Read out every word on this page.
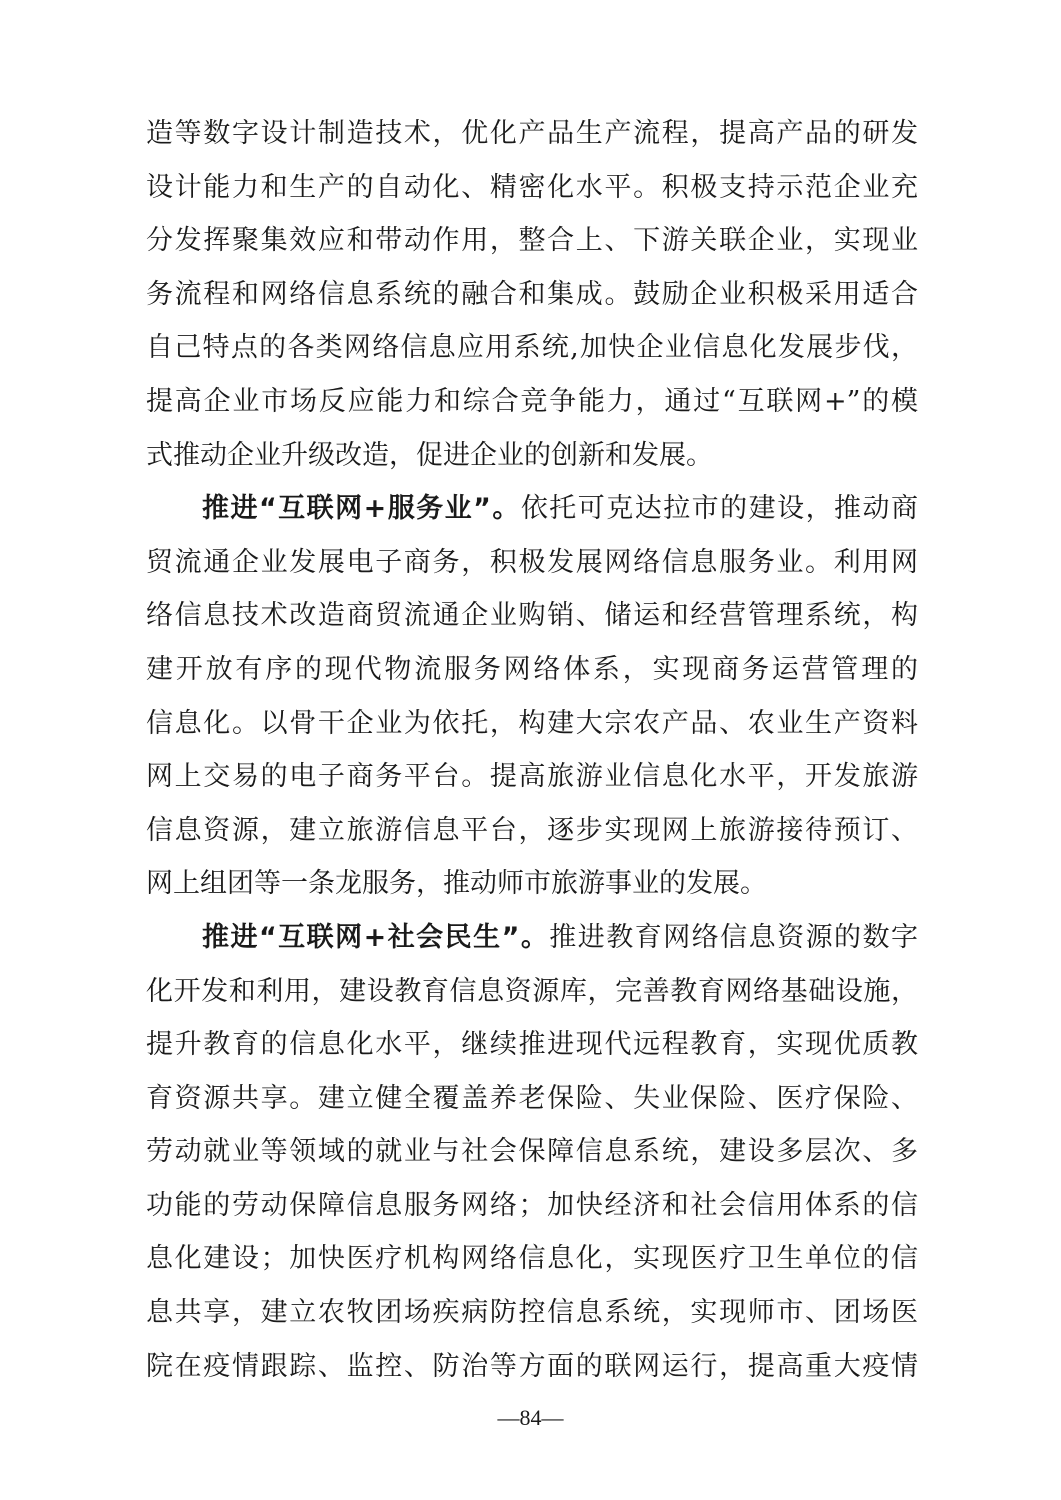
造等数字设计制造技术，优化产品生产流程，提高产品的研发
设计能力和生产的自动化、精密化水平。积极支持示范企业充
分发挥聚集效应和带动作用，整合上、下游关联企业，实现业
务流程和网络信息系统的融合和集成。鼓励企业积极采用适合
自己特点的各类网络信息应用系统,加快企业信息化发展步伐，
提高企业市场反应能力和综合竞争能力，通过“互联网+”的模
式推动企业升级改造，促进企业的创新和发展。
推进“互联网+服务业”。依托可克达拉市的建设，推动商
贸流通企业发展电子商务，积极发展网络信息服务业。利用网
络信息技术改造商贸流通企业购销、储运和经营管理系统，构
建开放有序的现代物流服务网络体系，实现商务运营管理的
信息化。以骨干企业为依托，构建大宗农产品、农业生产资料
网上交易的电子商务平台。提高旅游业信息化水平，开发旅游
信息资源，建立旅游信息平台，逐步实现网上旅游接待预订、
网上组团等一条龙服务，推动师市旅游事业的发展。
推进“互联网+社会民生”。推进教育网络信息资源的数字
化开发和利用，建设教育信息资源库，完善教育网络基础设施，
提升教育的信息化水平，继续推进现代远程教育，实现优质教
育资源共享。建立健全覆盖养老保险、失业保险、医疗保险、
劳动就业等领域的就业与社会保障信息系统，建设多层次、多
功能的劳动保障信息服务网络；加快经济和社会信用体系的信
息化建设；加快医疗机构网络信息化，实现医疗卫生单位的信
息共享，建立农牧团场疾病防控信息系统，实现师市、团场医
院在疫情跟踪、监控、防治等方面的联网运行，提高重大疫情
—84—
